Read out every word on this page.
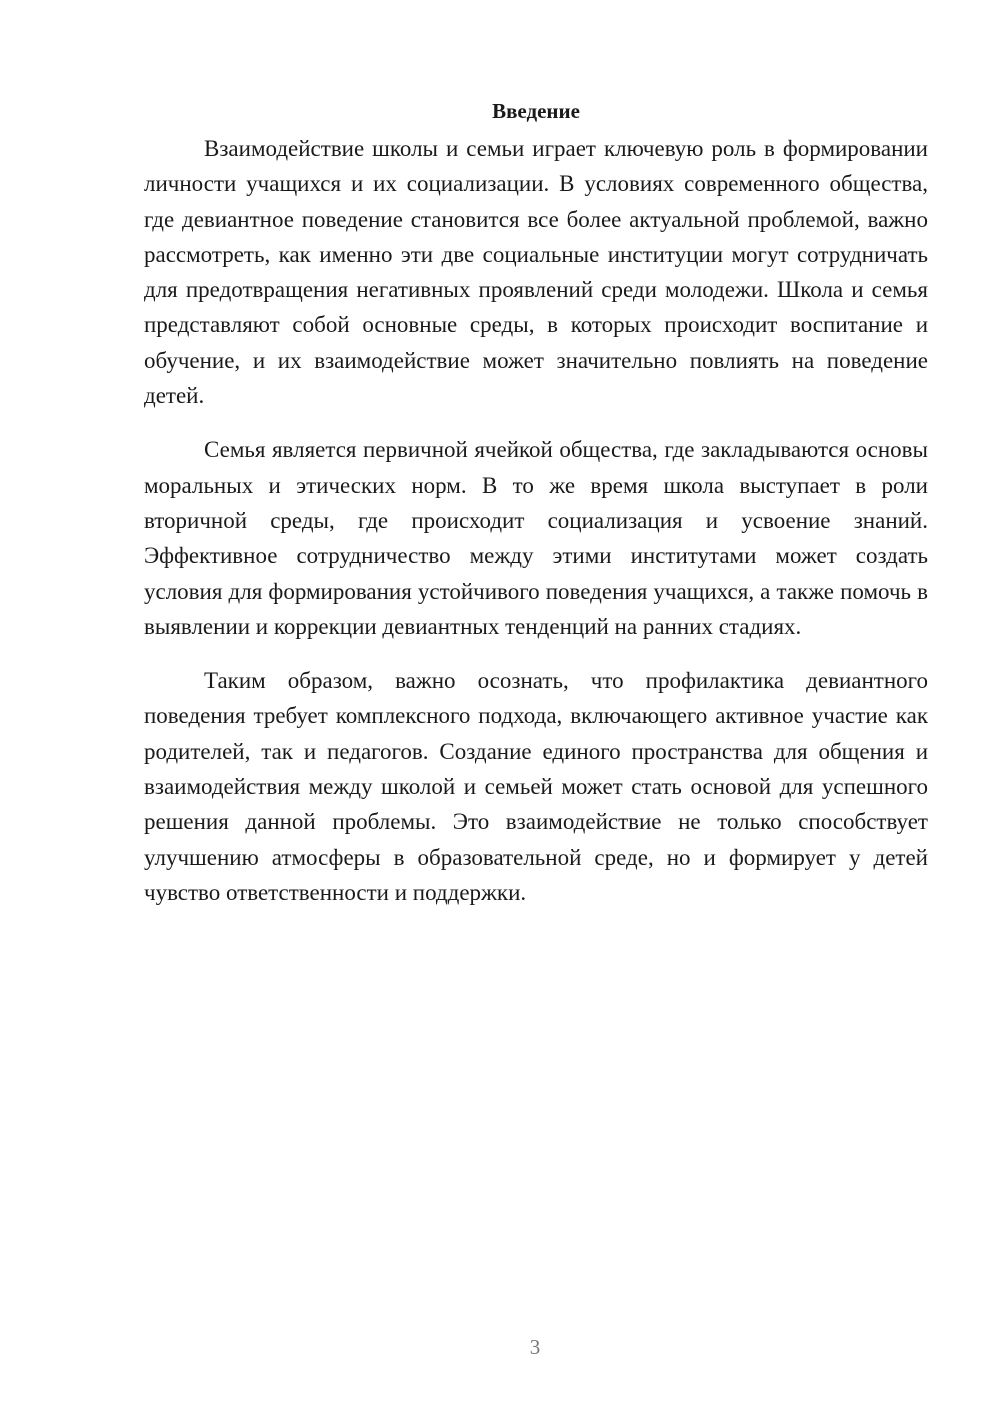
Введение

Взаимодействие школы и семьи играет ключевую роль в формировании личности учащихся и их социализации. В условиях современного общества, где девиантное поведение становится все более актуальной проблемой, важно рассмотреть, как именно эти две социальные институции могут сотрудничать для предотвращения негативных проявлений среди молодежи. Школа и семья представляют собой основные среды, в которых происходит воспитание и обучение, и их взаимодействие может значительно повлиять на поведение детей.

Семья является первичной ячейкой общества, где закладываются основы моральных и этических норм. В то же время школа выступает в роли вторичной среды, где происходит социализация и усвоение знаний. Эффективное сотрудничество между этими институтами может создать условия для формирования устойчивого поведения учащихся, а также помочь в выявлении и коррекции девиантных тенденций на ранних стадиях.

Таким образом, важно осознать, что профилактика девиантного поведения требует комплексного подхода, включающего активное участие как родителей, так и педагогов. Создание единого пространства для общения и взаимодействия между школой и семьей может стать основой для успешного решения данной проблемы. Это взаимодействие не только способствует улучшению атмосферы в образовательной среде, но и формирует у детей чувство ответственности и поддержки.

3
